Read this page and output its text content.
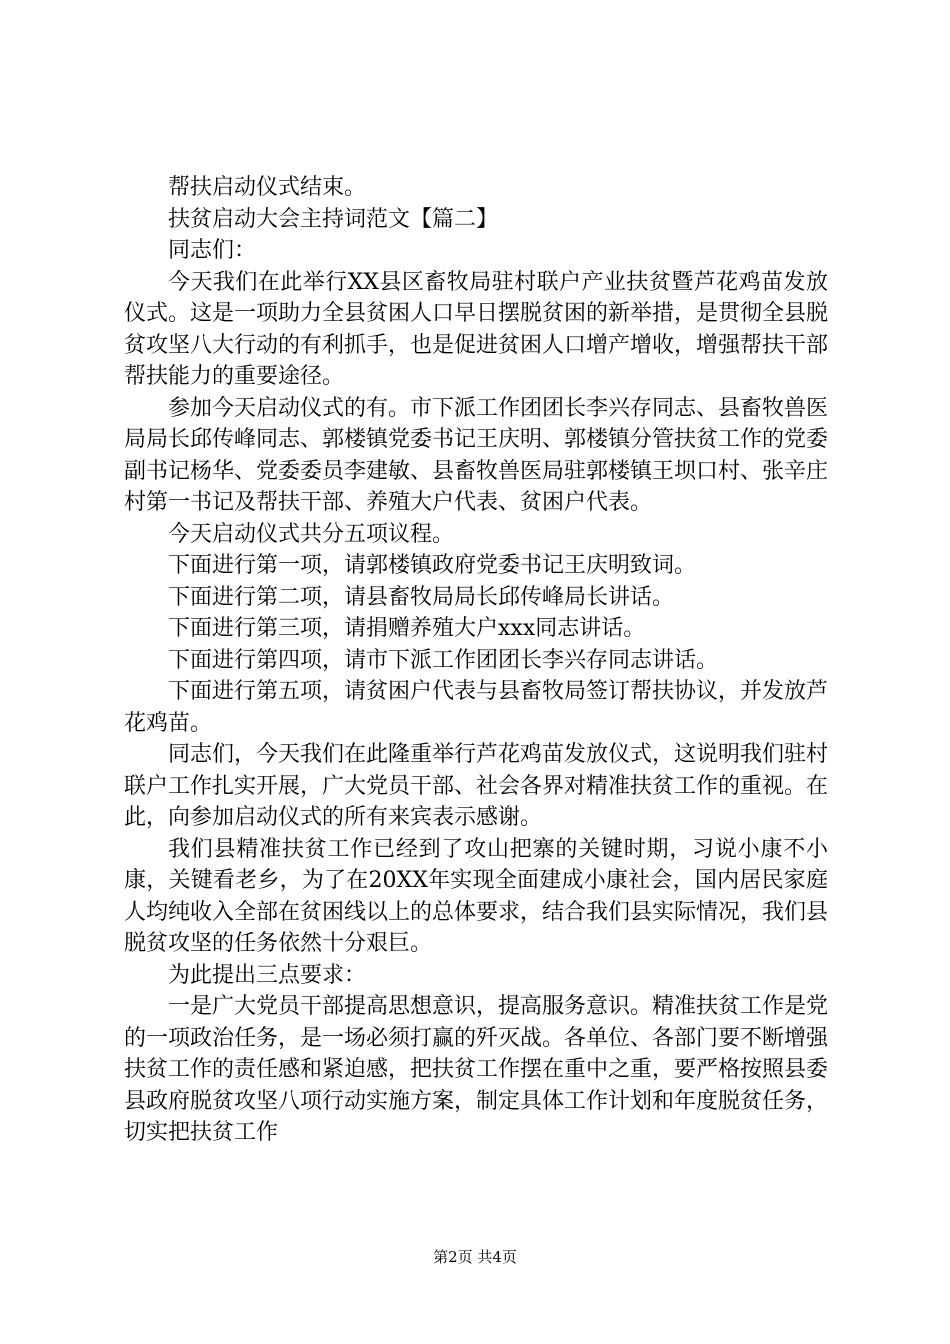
帮扶启动仪式结束。

扶贫启动大会主持词范文【篇二】

同志们：

今天我们在此举行XX县区畜牧局驻村联户产业扶贫暨芦花鸡苗发放仪式。这是一项助力全县贫困人口早日摆脱贫困的新举措，是贯彻全县脱贫攻坚八大行动的有利抓手，也是促进贫困人口增产增收，增强帮扶干部帮扶能力的重要途径。

参加今天启动仪式的有。市下派工作团团长李兴存同志、县畜牧兽医局局长邱传峰同志、郭楼镇党委书记王庆明、郭楼镇分管扶贫工作的党委副书记杨华、党委委员李建敏、县畜牧兽医局驻郭楼镇王坝口村、张辛庄村第一书记及帮扶干部、养殖大户代表、贫困户代表。

今天启动仪式共分五项议程。

下面进行第一项，请郭楼镇政府党委书记王庆明致词。

下面进行第二项，请县畜牧局局长邱传峰局长讲话。

下面进行第三项，请捐赠养殖大户xxx同志讲话。

下面进行第四项，请市下派工作团团长李兴存同志讲话。

下面进行第五项，请贫困户代表与县畜牧局签订帮扶协议，并发放芦花鸡苗。

同志们，今天我们在此隆重举行芦花鸡苗发放仪式，这说明我们驻村联户工作扎实开展，广大党员干部、社会各界对精准扶贫工作的重视。在此，向参加启动仪式的所有来宾表示感谢。

我们县精准扶贫工作已经到了攻山把寨的关键时期，习说小康不小康，关键看老乡，为了在20XX年实现全面建成小康社会，国内居民家庭人均纯收入全部在贫困线以上的总体要求，结合我们县实际情况，我们县脱贫攻坚的任务依然十分艰巨。

为此提出三点要求：

一是广大党员干部提高思想意识，提高服务意识。精准扶贫工作是党的一项政治任务，是一场必须打赢的歼灭战。各单位、各部门要不断增强扶贫工作的责任感和紧迫感，把扶贫工作摆在重中之重，要严格按照县委县政府脱贫攻坚八项行动实施方案，制定具体工作计划和年度脱贫任务，切实把扶贫工作

第2页 共4页
